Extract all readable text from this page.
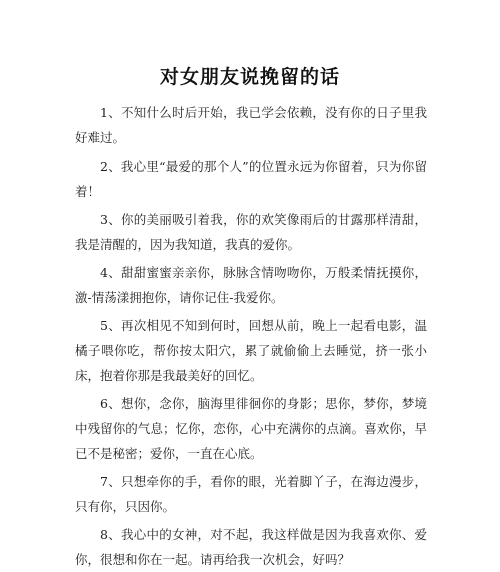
对女朋友说挽留的话
1、不知什么时后开始，我已学会依赖，没有你的日子里我好难过。
2、我心里“最爱的那个人”的位置永远为你留着，只为你留着！
3、你的美丽吸引着我，你的欢笑像雨后的甘露那样清甜，我是清醒的，因为我知道，我真的爱你。
4、甜甜蜜蜜亲亲你，脉脉含情吻吻你，万般柔情抚摸你，激-情荡漾拥抱你，请你记住-我爱你。
5、再次相见不知到何时，回想从前，晚上一起看电影，温橘子喂你吃，帮你按太阳穴，累了就偷偷上去睡觉，挤一张小床，抱着你那是我最美好的回忆。
6、想你，念你，脑海里徘徊你的身影；思你，梦你，梦境中残留你的气息；忆你，恋你，心中充满你的点滴。喜欢你，早已不是秘密；爱你，一直在心底。
7、只想牵你的手，看你的眼，光着脚丫子，在海边漫步，只有你，只因你。
8、我心中的女神，对不起，我这样做是因为我喜欢你、爱你，很想和你在一起。请再给我一次机会，好吗？
